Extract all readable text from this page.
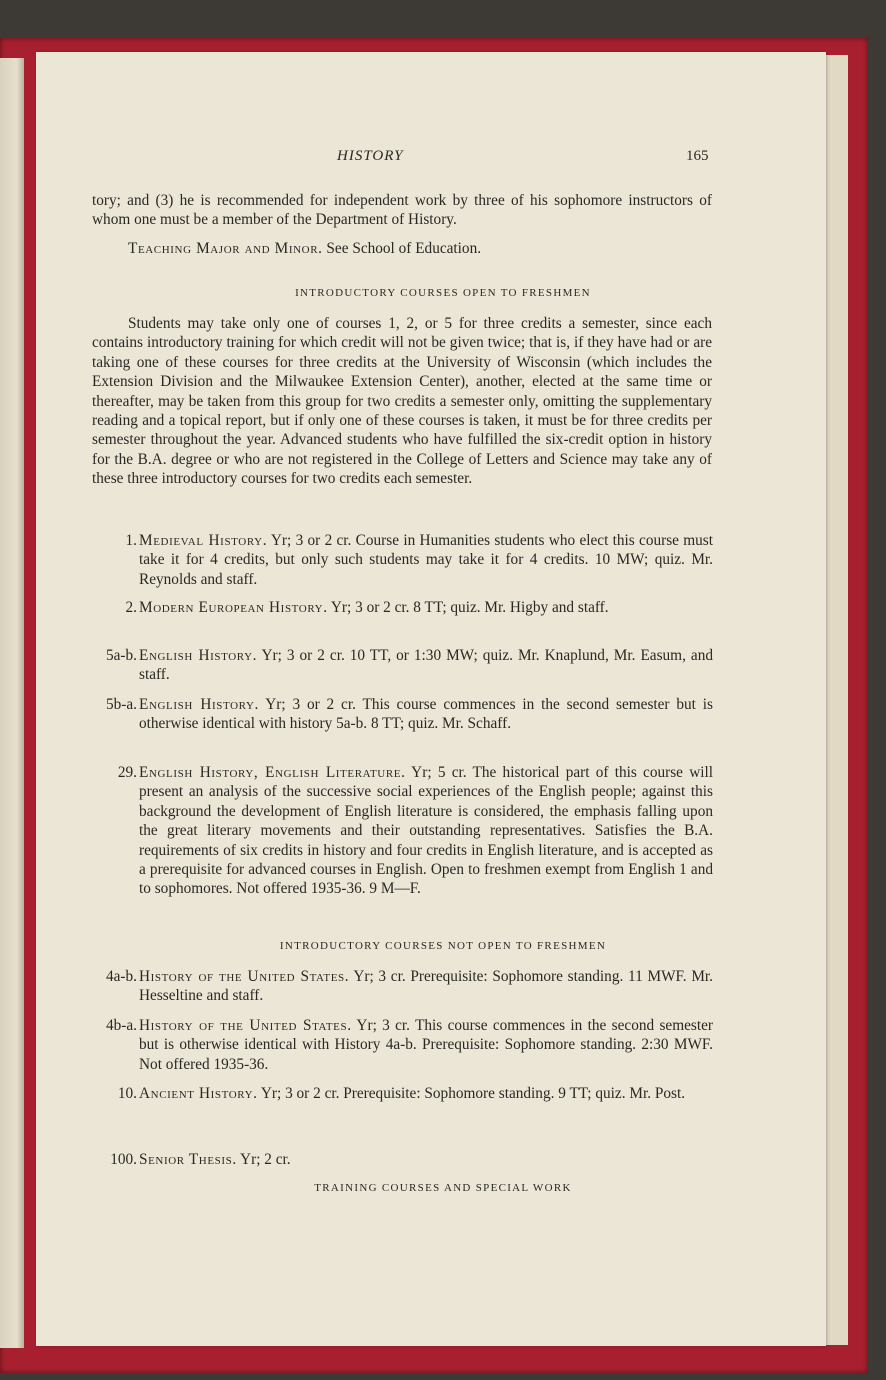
HISTORY	165
tory; and (3) he is recommended for independent work by three of his sophomore instructors of whom one must be a member of the Department of History.
Teaching Major and Minor. See School of Education.
INTRODUCTORY COURSES OPEN TO FRESHMEN
Students may take only one of courses 1, 2, or 5 for three credits a semester, since each contains introductory training for which credit will not be given twice; that is, if they have had or are taking one of these courses for three credits at the University of Wisconsin (which includes the Extension Division and the Milwaukee Extension Center), another, elected at the same time or thereafter, may be taken from this group for two credits a semester only, omitting the supplementary reading and a topical report, but if only one of these courses is taken, it must be for three credits per semester throughout the year. Advanced students who have fulfilled the six-credit option in history for the B.A. degree or who are not registered in the College of Letters and Science may take any of these three introductory courses for two credits each semester.
1. Medieval History. Yr; 3 or 2 cr. Course in Humanities students who elect this course must take it for 4 credits, but only such students may take it for 4 credits. 10 MW; quiz. Mr. Reynolds and staff.
2. Modern European History. Yr; 3 or 2 cr. 8 TT; quiz. Mr. Higby and staff.
5a-b. English History. Yr; 3 or 2 cr. 10 TT, or 1:30 MW; quiz. Mr. Knaplund, Mr. Easum, and staff.
5b-a. English History. Yr; 3 or 2 cr. This course commences in the second semester but is otherwise identical with history 5a-b. 8 TT; quiz. Mr. Schaff.
29. English History, English Literature. Yr; 5 cr. The historical part of this course will present an analysis of the successive social experiences of the English people; against this background the development of English literature is considered, the emphasis falling upon the great literary movements and their outstanding representatives. Satisfies the B.A. requirements of six credits in history and four credits in English literature, and is accepted as a prerequisite for advanced courses in English. Open to freshmen exempt from English 1 and to sophomores. Not offered 1935-36. 9 M—F.
INTRODUCTORY COURSES NOT OPEN TO FRESHMEN
4a-b. History of the United States. Yr; 3 cr. Prerequisite: Sophomore standing. 11 MWF. Mr. Hesseltine and staff.
4b-a. History of the United States. Yr; 3 cr. This course commences in the second semester but is otherwise identical with History 4a-b. Prerequisite: Sophomore standing. 2:30 MWF. Not offered 1935-36.
10. Ancient History. Yr; 3 or 2 cr. Prerequisite: Sophomore standing. 9 TT; quiz. Mr. Post.
100. Senior Thesis. Yr; 2 cr.
TRAINING COURSES AND SPECIAL WORK
